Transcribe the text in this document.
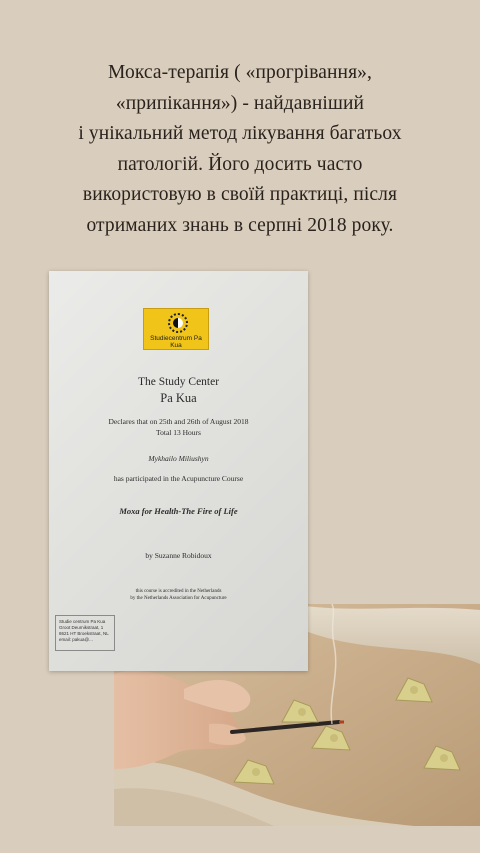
Мокса-терапія ( «прогрівання»,
«припікання») - найдавніший
і унікальний метод лікування багатьох
патологій. Його досить часто
використовую в своїй практиці, після
отриманих знань в серпні 2018 року.
Studiecentrum Pa Kua
The Study Center
Pa Kua
Declares that on 25th and 26th of August 2018
Total 13 Hours
Mykhailo Miliushyn
has participated in the Acupuncture Course
Moxa for Health-The Fire of Life
by Suzanne Robidoux
this course is accredited in the Netherlands
by the Netherlands Association for Acupuncture
Studie centrum Pa Kua
Groot Deurnikstraat, 1
8621 HT Broekstraat, NL
email: pakua@...
